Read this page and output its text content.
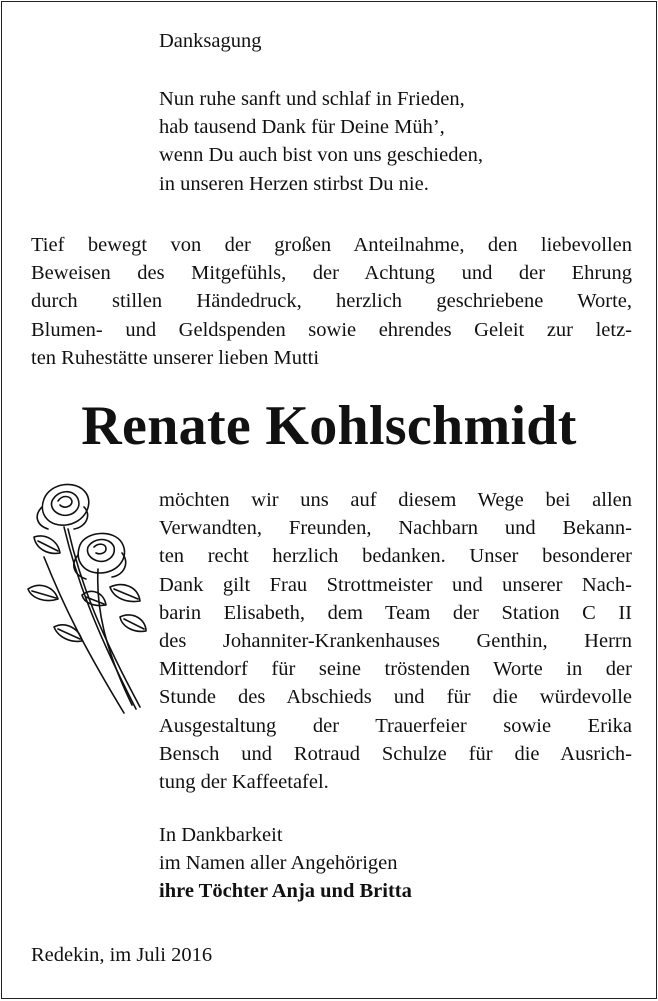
Danksagung
Nun ruhe sanft und schlaf in Frieden,
hab tausend Dank für Deine Müh’,
wenn Du auch bist von uns geschieden,
in unseren Herzen stirbst Du nie.
Tief bewegt von der großen Anteilnahme, den liebevollen
Beweisen des Mitgefühls, der Achtung und der Ehrung
durch stillen Händedruck, herzlich geschriebene Worte,
Blumen- und Geldspenden sowie ehrendes Geleit zur letz-
ten Ruhestätte unserer lieben Mutti
Renate Kohlschmidt
möchten wir uns auf diesem Wege bei allen
Verwandten, Freunden, Nachbarn und Bekann-
ten recht herzlich bedanken. Unser besonderer
Dank gilt Frau Strottmeister und unserer Nach-
barin Elisabeth, dem Team der Station C II
des Johanniter-Krankenhauses Genthin, Herrn
Mittendorf für seine tröstenden Worte in der
Stunde des Abschieds und für die würdevolle
Ausgestaltung der Trauerfeier sowie Erika
Bensch und Rotraud Schulze für die Ausrich-
tung der Kaffeetafel.
In Dankbarkeit
im Namen aller Angehörigen
ihre Töchter Anja und Britta
Redekin, im Juli 2016
